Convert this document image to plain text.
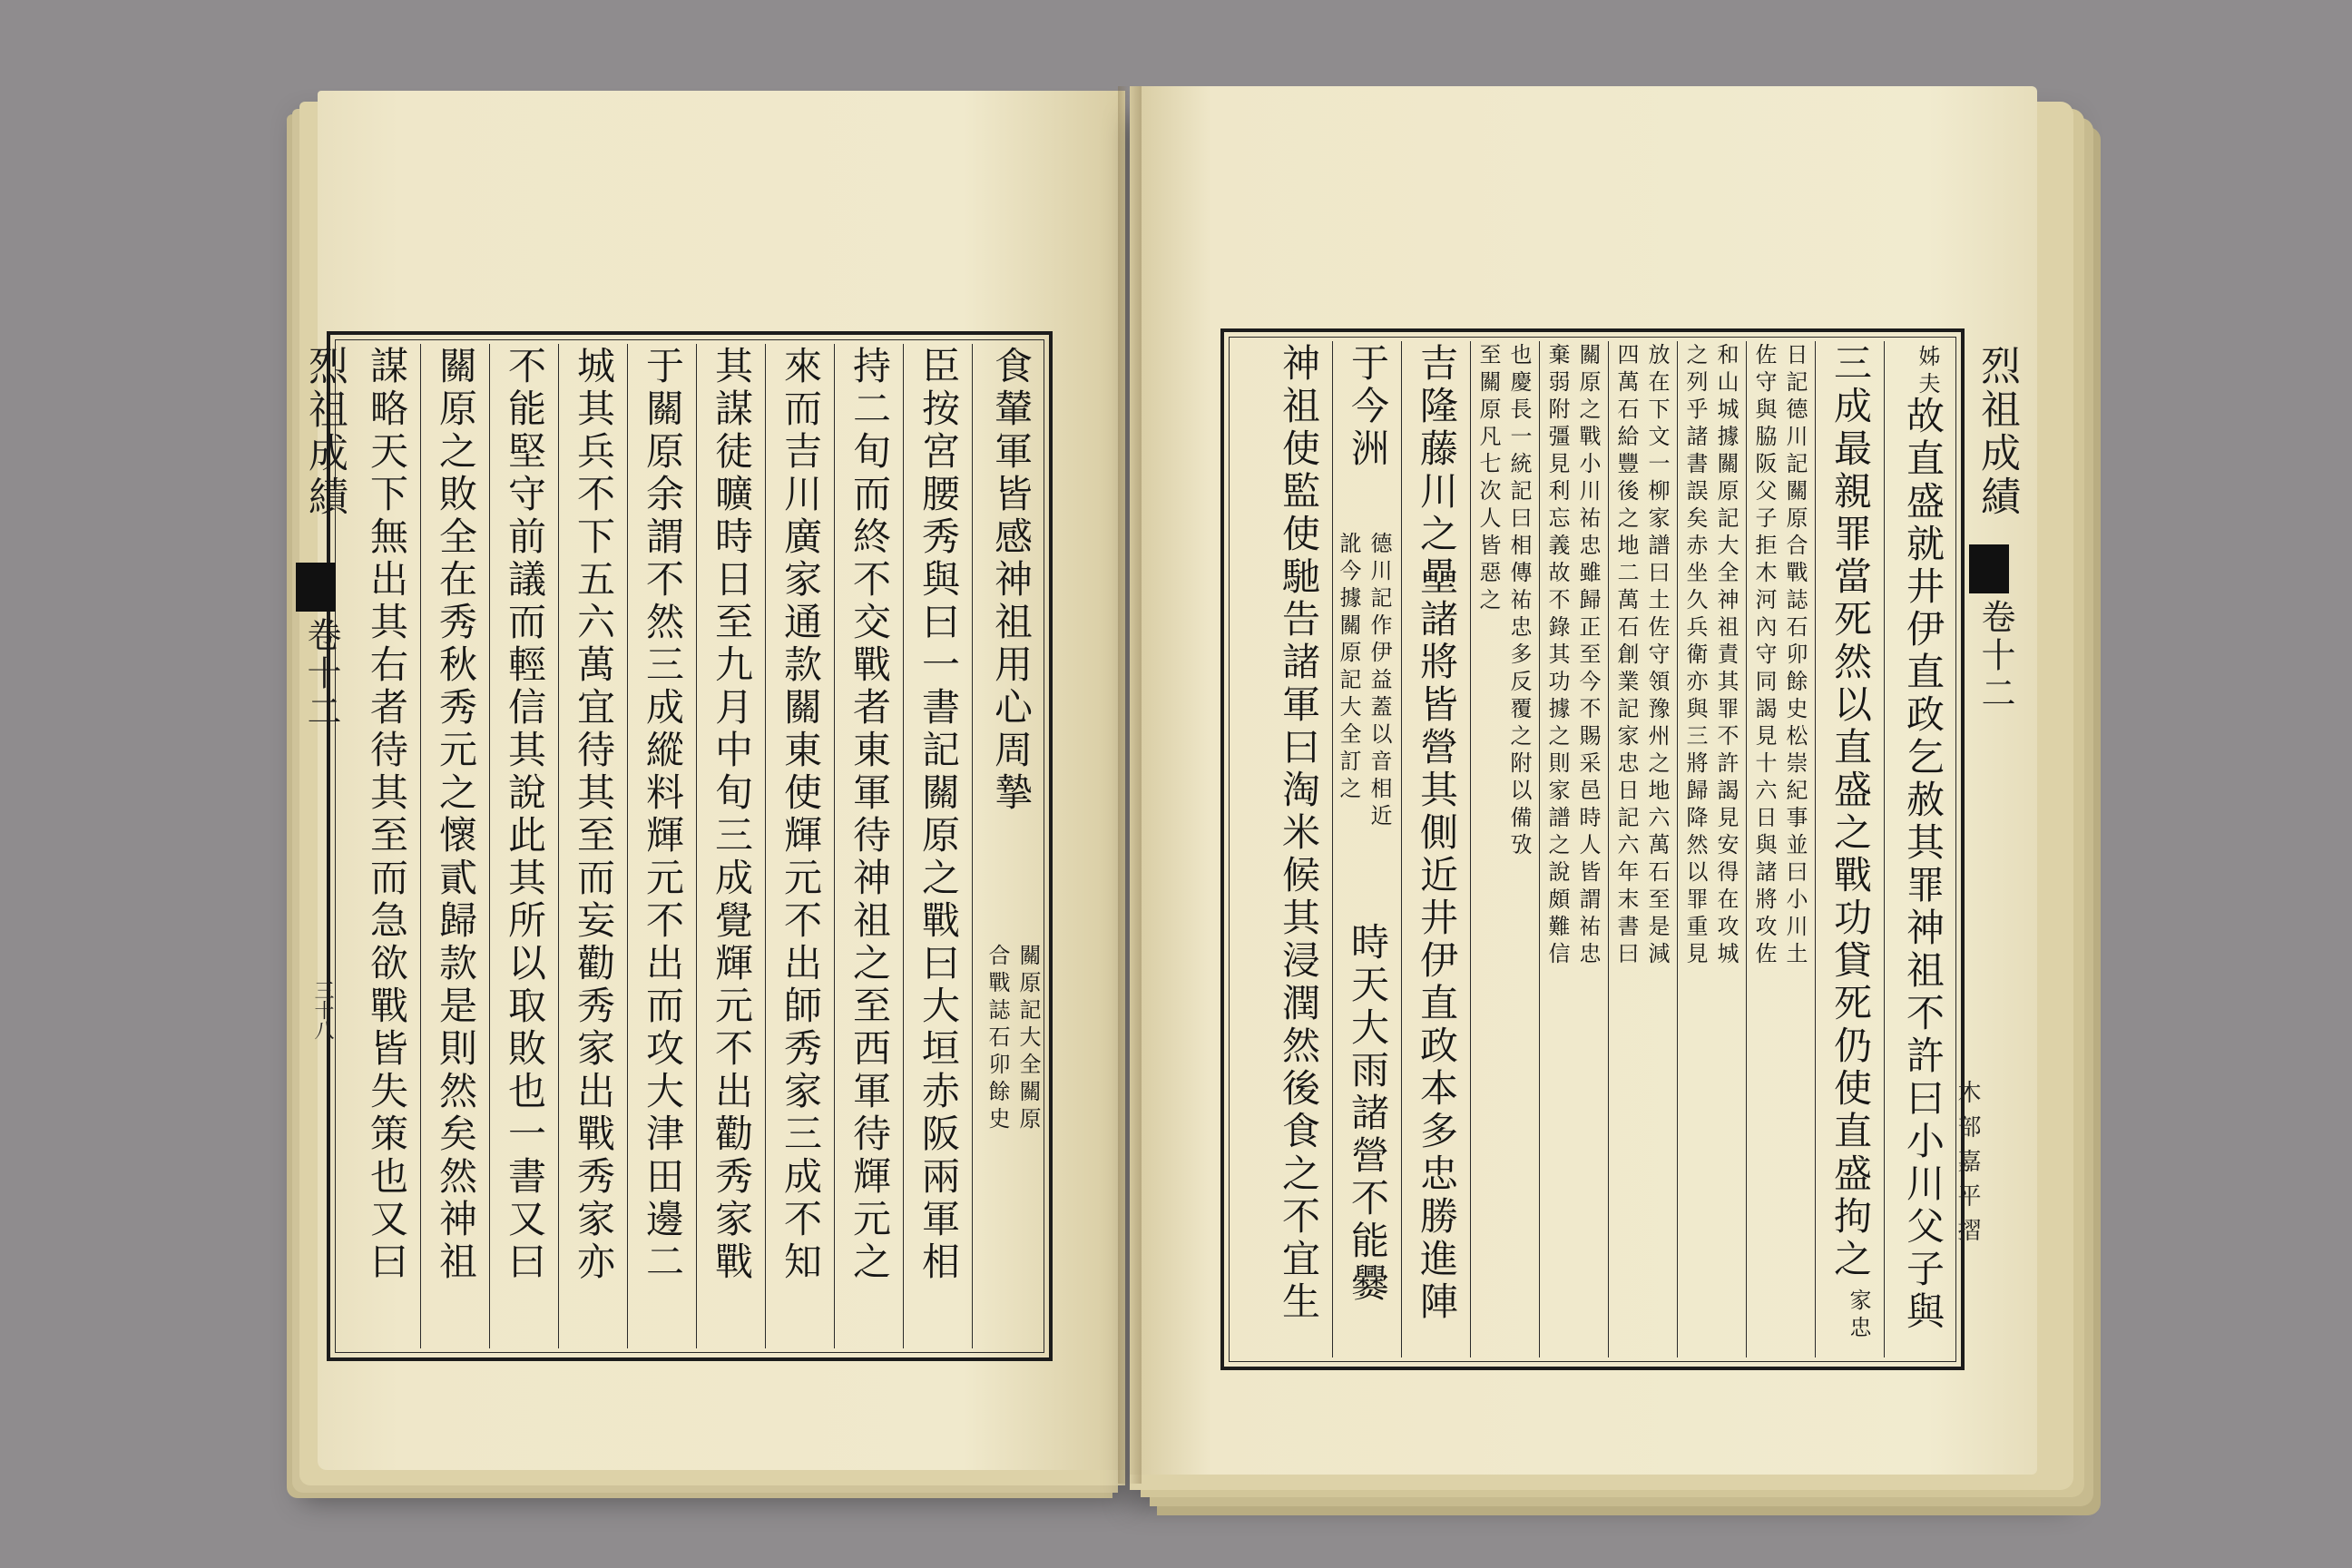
食輦軍皆感神祖用心周摯
臣按宮腰秀與曰一書記關原之戰曰大垣赤阪兩軍相
持二旬而終不交戰者東軍待神祖之至西軍待輝元之
來而吉川廣家通款關東使輝元不出師秀家三成不知
其謀徒曠時日至九月中旬三成覺輝元不出勸秀家戰
于關原余謂不然三成縱料輝元不出而攻大津田邊二
城其兵不下五六萬宜待其至而妄勸秀家出戰秀家亦
不能堅守前議而輕信其說此其所以取敗也一書又曰
關原之敗全在秀秋秀元之懷貳歸款是則然矣然神祖
謀略天下無出其右者待其至而急欲戰皆失策也又曰	關原記大全關原
合戰誌石卯餘史
烈祖成績
卷十二
三十八	故直盛就井伊直政乞赦其罪神祖不許曰小川父子與
姊夫
三成最親罪當死然以直盛之戰功貸死仍使直盛拘之
家忠
日記德川記關原合戰誌石卯餘史松崇紀事並曰小川土
佐守與脇阪父子拒木河內守同謁見十六日與諸將攻佐
和山城據關原記大全神祖責其罪不許謁見安得在攻城
之列乎諸書誤矣赤坐久兵衛亦與三將歸降然以罪重見
放在下文一柳家譜曰土佐守領豫州之地六萬石至是減
四萬石給豐後之地二萬石創業記家忠日記六年末書曰
關原之戰小川祐忠雖歸正至今不賜采邑時人皆謂祐忠
棄弱附彊見利忘義故不錄其功據之則家譜之說頗難信
也慶長一統記曰相傳祐忠多反覆之附以備攷
至關原凡七次人皆惡之
吉隆藤川之壘諸將皆營其側近井伊直政本多忠勝進陣
于今洲
德川記作伊益蓋以音相近
訛今據關原記大全訂之
時天大雨諸營不能爨
神祖使監使馳告諸軍曰淘米候其浸潤然後食之不宜生	烈祖成績
卷十二
木部嘉平摺
